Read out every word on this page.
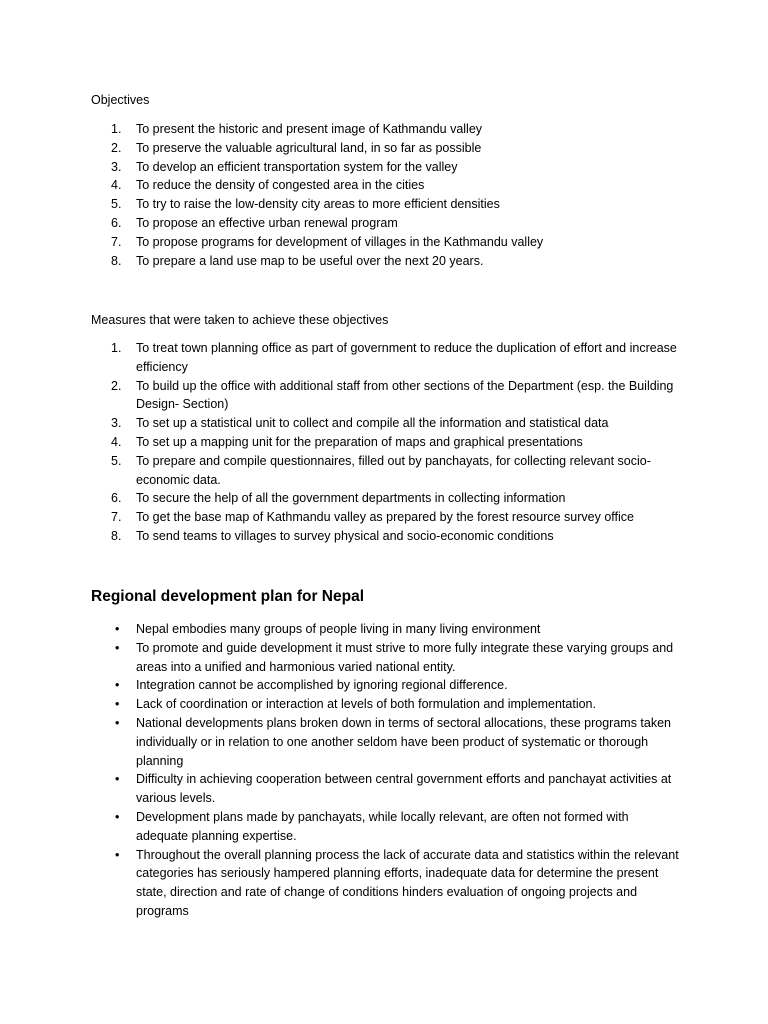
Objectives
1. To present the historic and present image of Kathmandu valley
2. To preserve the valuable agricultural land, in so far as possible
3. To develop an efficient transportation system for the valley
4. To reduce the density of congested area in the cities
5. To try to raise the low-density city areas to more efficient densities
6. To propose an effective urban renewal program
7. To propose programs for development of villages in the Kathmandu valley
8. To prepare a land use map to be useful over the next 20 years.
Measures that were taken to achieve these objectives
1. To treat town planning office as part of government to reduce the duplication of effort and increase efficiency
2. To build up the office with additional staff from other sections of the Department (esp. the Building Design- Section)
3. To set up a statistical unit to collect and compile all the information and statistical data
4. To set up a mapping unit for the preparation of maps and graphical presentations
5. To prepare and compile questionnaires, filled out by panchayats, for collecting relevant socio-economic data.
6. To secure the help of all the government departments in collecting information
7. To get the base map of Kathmandu valley as prepared by the forest resource survey office
8. To send teams to villages to survey physical and socio-economic conditions
Regional development plan for Nepal
• Nepal embodies many groups of people living in many living environment
• To promote and guide development it must strive to more fully integrate these varying groups and areas into a unified and harmonious varied national entity.
• Integration cannot be accomplished by ignoring regional difference.
• Lack of coordination or interaction at levels of both formulation and implementation.
• National developments plans broken down in terms of sectoral allocations, these programs taken individually or in relation to one another seldom have been product of systematic or thorough planning
• Difficulty in achieving cooperation between central government efforts and panchayat activities at various levels.
• Development plans made by panchayats, while locally relevant, are often not formed with adequate planning expertise.
• Throughout the overall planning process the lack of accurate data and statistics within the relevant categories has seriously hampered planning efforts, inadequate data for determine the present state, direction and rate of change of conditions hinders evaluation of ongoing projects and programs
